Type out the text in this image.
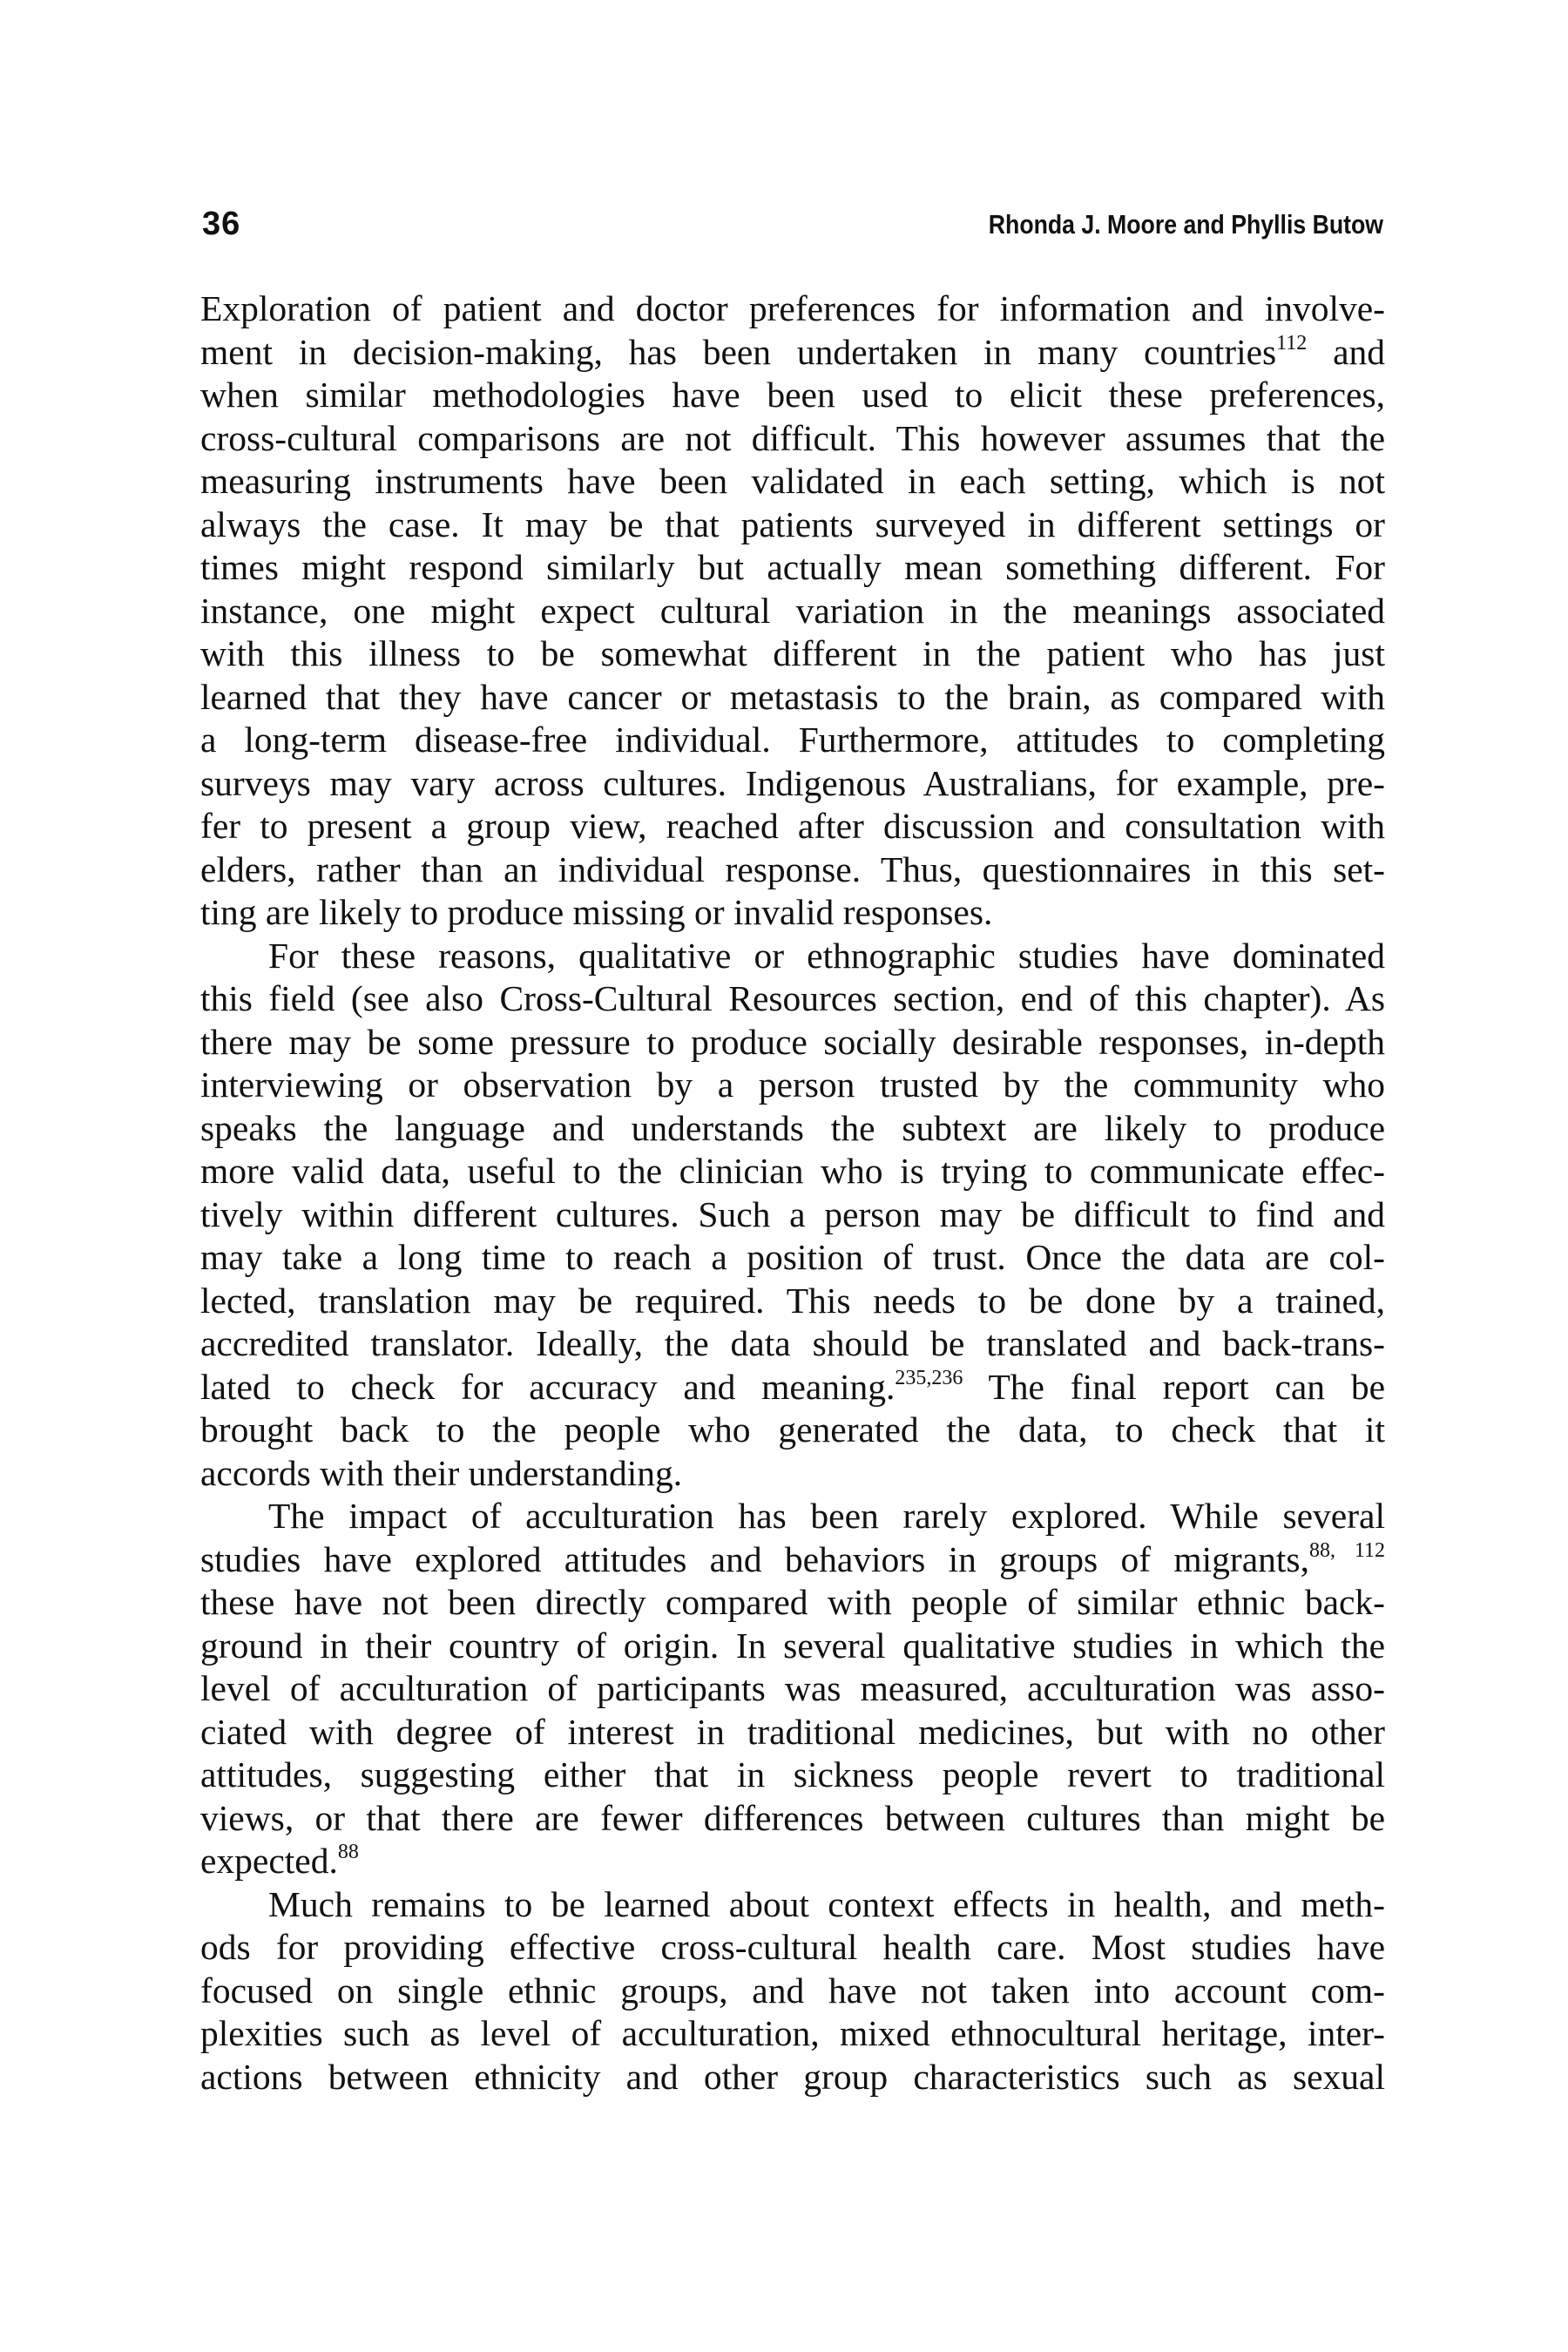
36	Rhonda J. Moore and Phyllis Butow
Exploration of patient and doctor preferences for information and involve-
ment in decision-making, has been undertaken in many countries$^{112}$ and
when similar methodologies have been used to elicit these preferences,
cross-cultural comparisons are not difficult. This however assumes that the
measuring instruments have been validated in each setting, which is not
always the case. It may be that patients surveyed in different settings or
times might respond similarly but actually mean something different. For
instance, one might expect cultural variation in the meanings associated
with this illness to be somewhat different in the patient who has just
learned that they have cancer or metastasis to the brain, as compared with
a long-term disease-free individual. Furthermore, attitudes to completing
surveys may vary across cultures. Indigenous Australians, for example, pre-
fer to present a group view, reached after discussion and consultation with
elders, rather than an individual response. Thus, questionnaires in this set-
ting are likely to produce missing or invalid responses.
For these reasons, qualitative or ethnographic studies have dominated
this field (see also Cross-Cultural Resources section, end of this chapter). As
there may be some pressure to produce socially desirable responses, in-depth
interviewing or observation by a person trusted by the community who
speaks the language and understands the subtext are likely to produce
more valid data, useful to the clinician who is trying to communicate effec-
tively within different cultures. Such a person may be difficult to find and
may take a long time to reach a position of trust. Once the data are col-
lected, translation may be required. This needs to be done by a trained,
accredited translator. Ideally, the data should be translated and back-trans-
lated to check for accuracy and meaning.$^{235,236}$ The final report can be
brought back to the people who generated the data, to check that it
accords with their understanding.
The impact of acculturation has been rarely explored. While several
studies have explored attitudes and behaviors in groups of migrants,$^{88, 112}$
these have not been directly compared with people of similar ethnic back-
ground in their country of origin. In several qualitative studies in which the
level of acculturation of participants was measured, acculturation was asso-
ciated with degree of interest in traditional medicines, but with no other
attitudes, suggesting either that in sickness people revert to traditional
views, or that there are fewer differences between cultures than might be
expected.$^{88}$
Much remains to be learned about context effects in health, and meth-
ods for providing effective cross-cultural health care. Most studies have
focused on single ethnic groups, and have not taken into account com-
plexities such as level of acculturation, mixed ethnocultural heritage, inter-
actions between ethnicity and other group characteristics such as sexual
